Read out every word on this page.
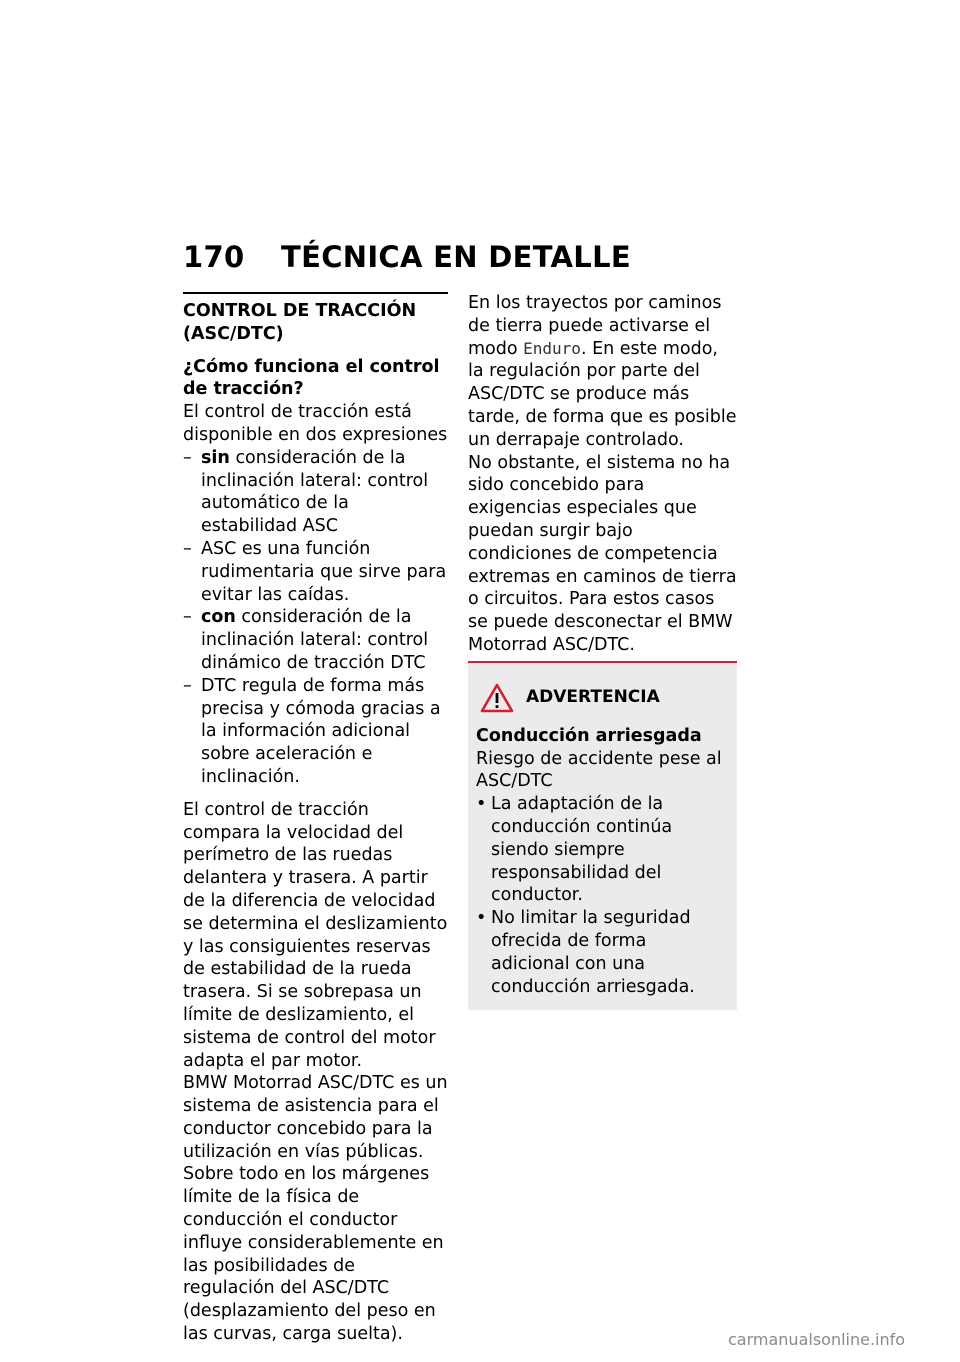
170 TÉCNICA EN DETALLE
CONTROL DE TRACCIÓN (ASC/DTC)

¿Cómo funciona el control de tracción?

El control de tracción está disponible en dos expresiones

– sin consideración de la inclinación lateral: control automático de la estabilidad ASC
– ASC es una función rudimentaria que sirve para evitar las caídas.
– con consideración de la inclinación lateral: control dinámico de tracción DTC
– DTC regula de forma más precisa y cómoda gracias a la información adicional sobre aceleración e inclinación.

El control de tracción compara la velocidad del perímetro de las ruedas delantera y trasera. A partir de la diferencia de velocidad se determina el deslizamiento y las consiguientes reservas de estabilidad de la rueda trasera. Si se sobrepasa un límite de deslizamiento, el sistema de control del motor adapta el par motor.

BMW Motorrad ASC/DTC es un sistema de asistencia para el conductor concebido para la utilización en vías públicas. Sobre todo en los márgenes límite de la física de conducción el conductor influye considerablemente en las posibilidades de regulación del ASC/DTC (desplazamiento del peso en las curvas, carga suelta).

En los trayectos por caminos de tierra puede activarse el modo Enduro. En este modo, la regulación por parte del ASC/DTC se produce más tarde, de forma que es posible un derrapaje controlado.

No obstante, el sistema no ha sido concebido para exigencias especiales que puedan surgir bajo condiciones de competencia extremas en caminos de tierra o circuitos. Para estos casos se puede desconectar el BMW Motorrad ASC/DTC.

ADVERTENCIA

Conducción arriesgada

Riesgo de accidente pese al ASC/DTC

• La adaptación de la conducción continúa siendo siempre responsabilidad del conductor.
• No limitar la seguridad ofrecida de forma adicional con una conducción arriesgada.
carmanualsonline.info
